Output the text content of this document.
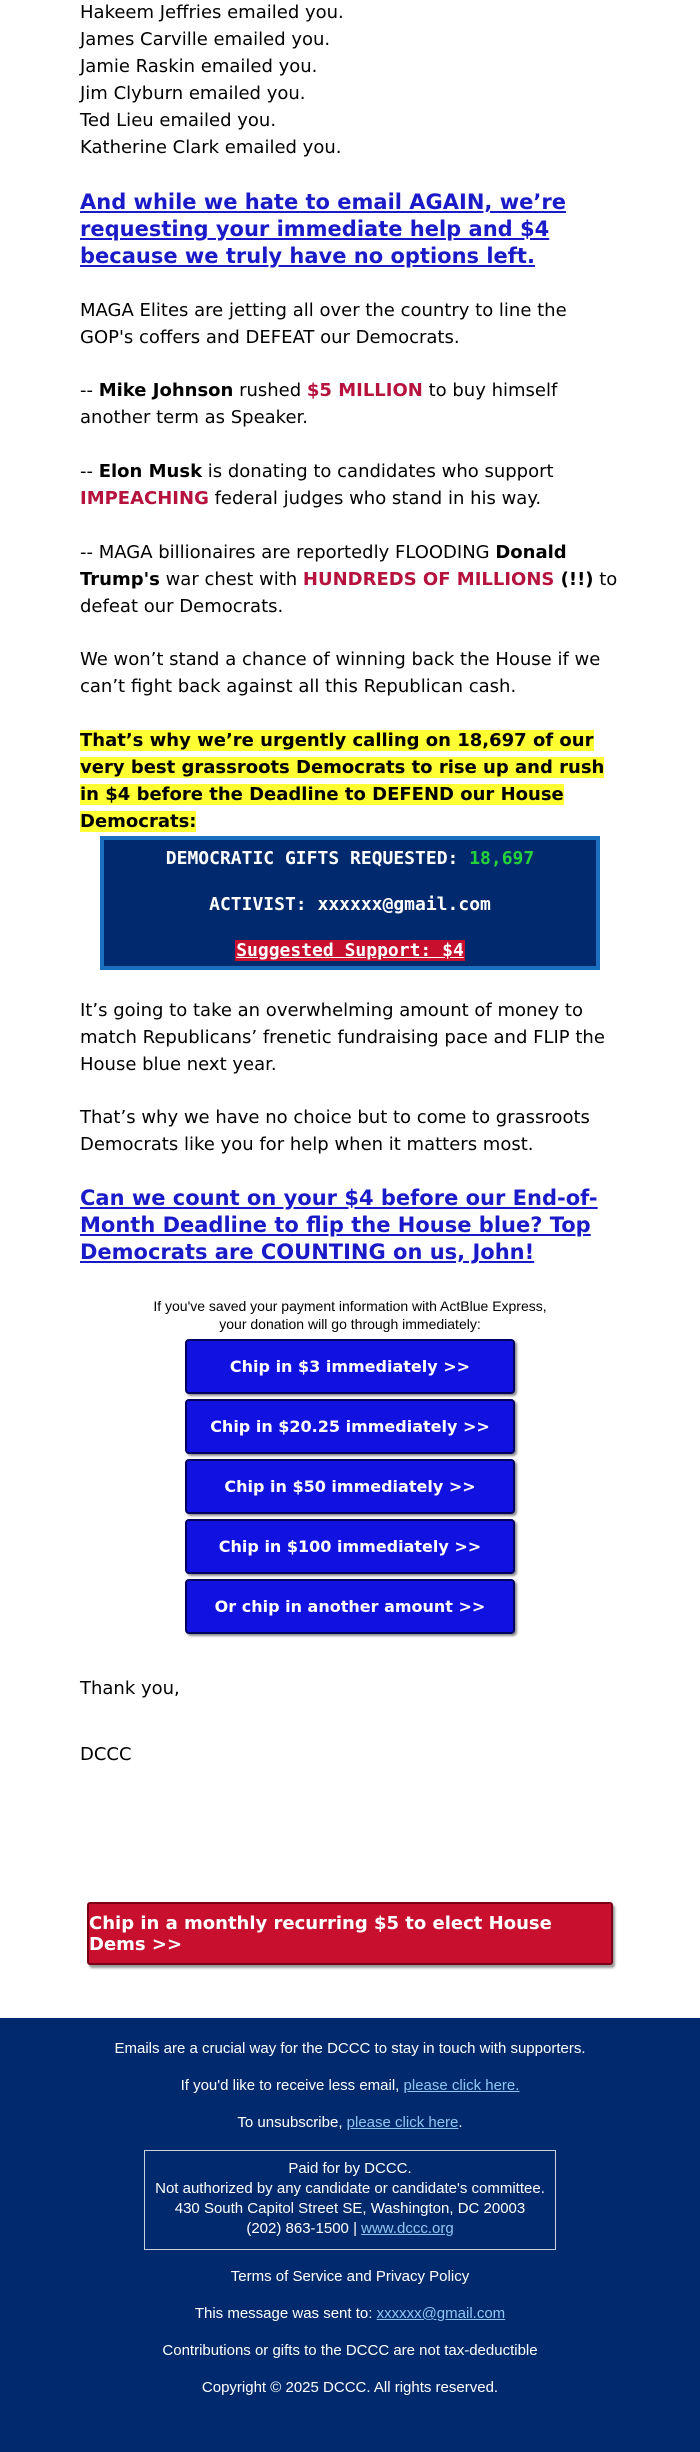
Hakeem Jeffries emailed you.

James Carville emailed you.

Jamie Raskin emailed you.

Jim Clyburn emailed you.

Ted Lieu emailed you.

Katherine Clark emailed you.

And while we hate to email AGAIN, we’re requesting your immediate help and $4 because we truly have no options left.

MAGA Elites are jetting all over the country to line the GOP's coffers and DEFEAT our Democrats.

-- Mike Johnson rushed $5 MILLION to buy himself another term as Speaker.

-- Elon Musk is donating to candidates who support IMPEACHING federal judges who stand in his way.

-- MAGA billionaires are reportedly FLOODING Donald Trump's war chest with HUNDREDS OF MILLIONS (!!) to defeat our Democrats.

We won’t stand a chance of winning back the House if we can’t fight back against all this Republican cash.

That’s why we’re urgently calling on 18,697 of our very best grassroots Democrats to rise up and rush in $4 before the Deadline to DEFEND our House Democrats:

It’s going to take an overwhelming amount of money to match Republicans’ frenetic fundraising pace and FLIP the House blue next year.

That’s why we have no choice but to come to grassroots Democrats like you for help when it matters most.

Can we count on your $4 before our End-of-Month Deadline to flip the House blue? Top Democrats are COUNTING on us, John!

Thank you,

DCCC

DEMOCRATIC GIFTS REQUESTED: 18,697
ACTIVIST: xxxxxx@gmail.com
Suggested Support: $4
If you've saved your payment information with ActBlue Express,
your donation will go through immediately:
Chip in $3 immediately >>
Chip in $20.25 immediately >>
Chip in $50 immediately >>
Chip in $100 immediately >>
Or chip in another amount >>
Chip in a monthly recurring $5 to elect House Dems >>
Emails are a crucial way for the DCCC to stay in touch with supporters.
If you'd like to receive less email, please click here.
To unsubscribe, please click here.
Paid for by DCCC.
Not authorized by any candidate or candidate's committee.
430 South Capitol Street SE, Washington, DC 20003
(202) 863-1500 | www.dccc.org
Terms of Service and Privacy Policy
This message was sent to: xxxxxx@gmail.com
Contributions or gifts to the DCCC are not tax-deductible
Copyright © 2025 DCCC. All rights reserved.
